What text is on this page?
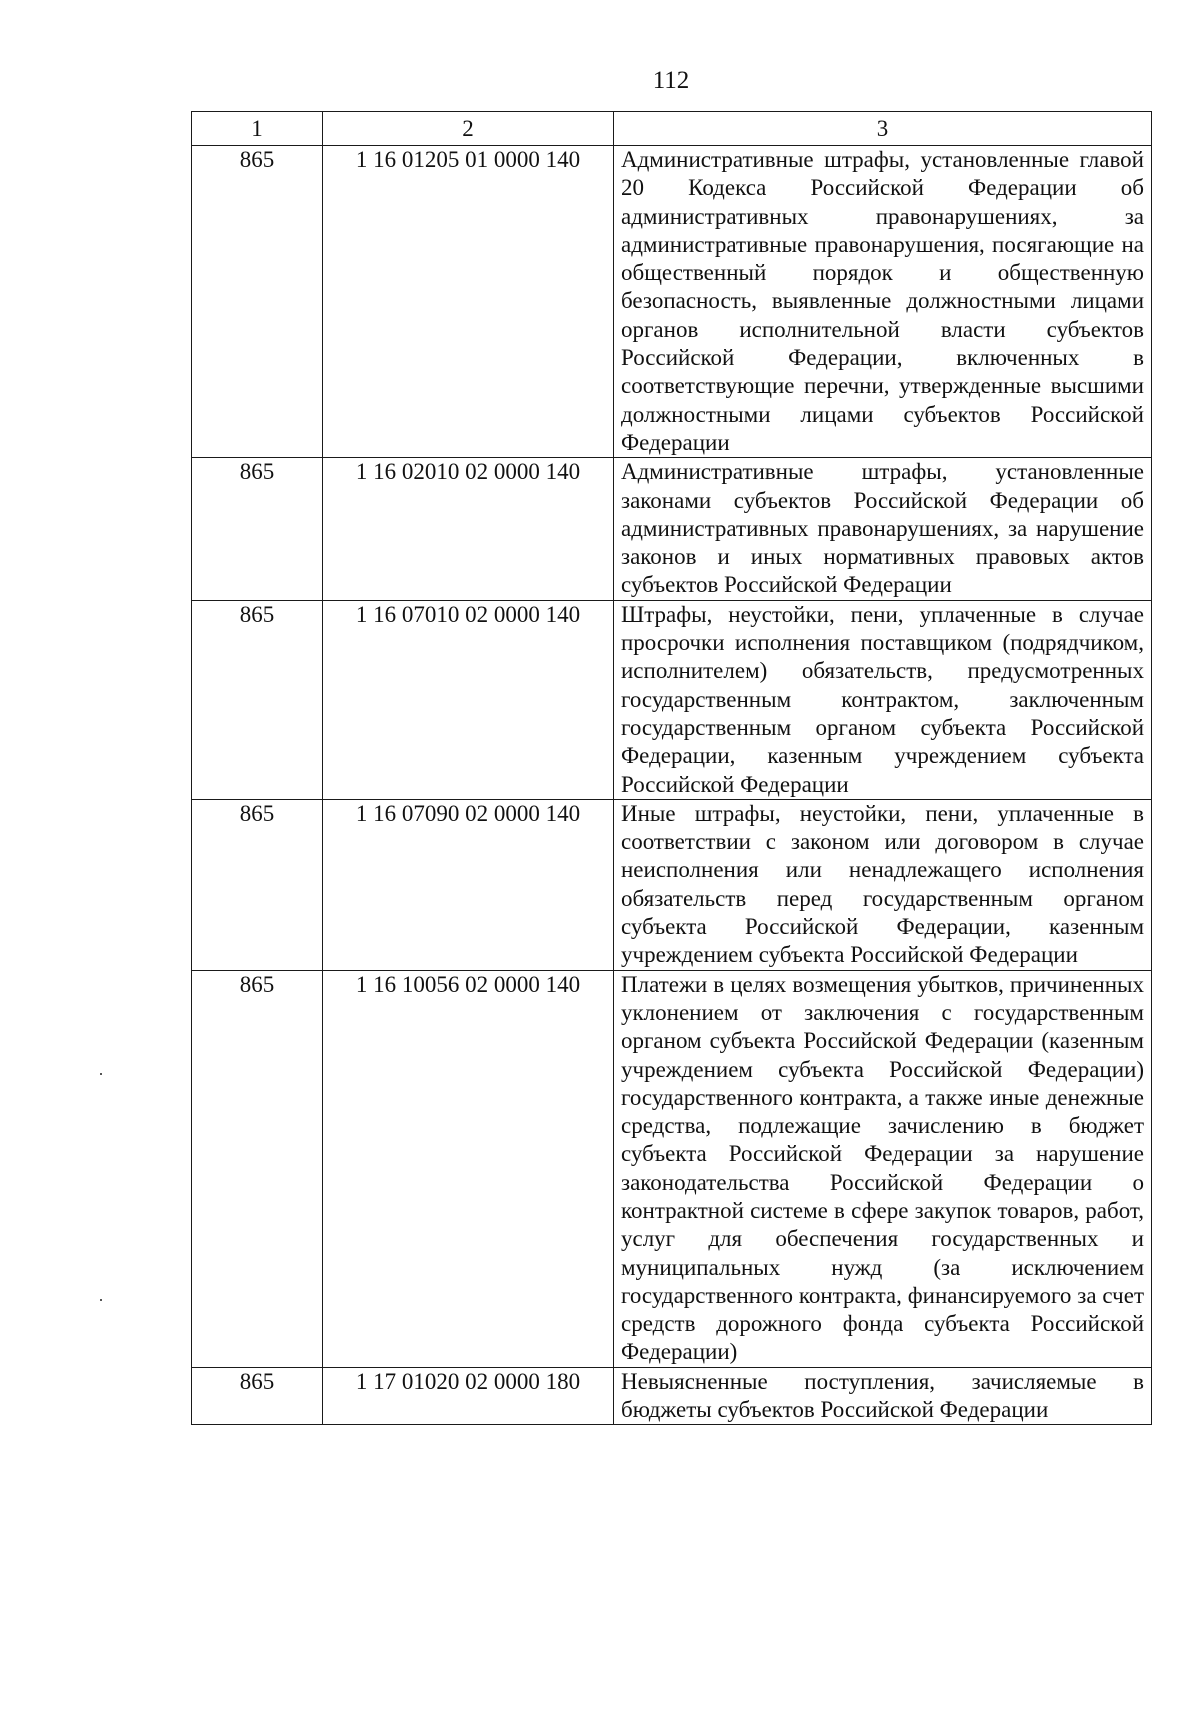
112
1	2	3
865	1 16 01205 01 0000 140	Административные штрафы, установленные главой 20 Кодекса Российской Федерации об административных правонарушениях, за административные правонарушения, посягающие на общественный порядок и общественную безопасность, выявленные должностными лицами органов исполнительной власти субъектов Российской Федерации, включенных в соответствующие перечни, утвержденные высшими должностными лицами субъектов Российской Федерации
865	1 16 02010 02 0000 140	Административные штрафы, установленные законами субъектов Российской Федерации об административных правонарушениях, за нарушение законов и иных нормативных правовых актов субъектов Российской Федерации
865	1 16 07010 02 0000 140	Штрафы, неустойки, пени, уплаченные в случае просрочки исполнения поставщиком (подрядчиком, исполнителем) обязательств, предусмотренных государственным контрактом, заключенным государственным органом субъекта Российской Федерации, казенным учреждением субъекта Российской Федерации
865	1 16 07090 02 0000 140	Иные штрафы, неустойки, пени, уплаченные в соответствии с законом или договором в случае неисполнения или ненадлежащего исполнения обязательств перед государственным органом субъекта Российской Федерации, казенным учреждением субъекта Российской Федерации
865	1 16 10056 02 0000 140	Платежи в целях возмещения убытков, причиненных уклонением от заключения с государственным органом субъекта Российской Федерации (казенным учреждением субъекта Российской Федерации) государственного контракта, а также иные денежные средства, подлежащие зачислению в бюджет субъекта Российской Федерации за нарушение законодательства Российской Федерации о контрактной системе в сфере закупок товаров, работ, услуг для обеспечения государственных и муниципальных нужд (за исключением государственного контракта, финансируемого за счет средств дорожного фонда субъекта Российской Федерации)
865	1 17 01020 02 0000 180	Невыясненные поступления, зачисляемые в бюджеты субъектов Российской Федерации
